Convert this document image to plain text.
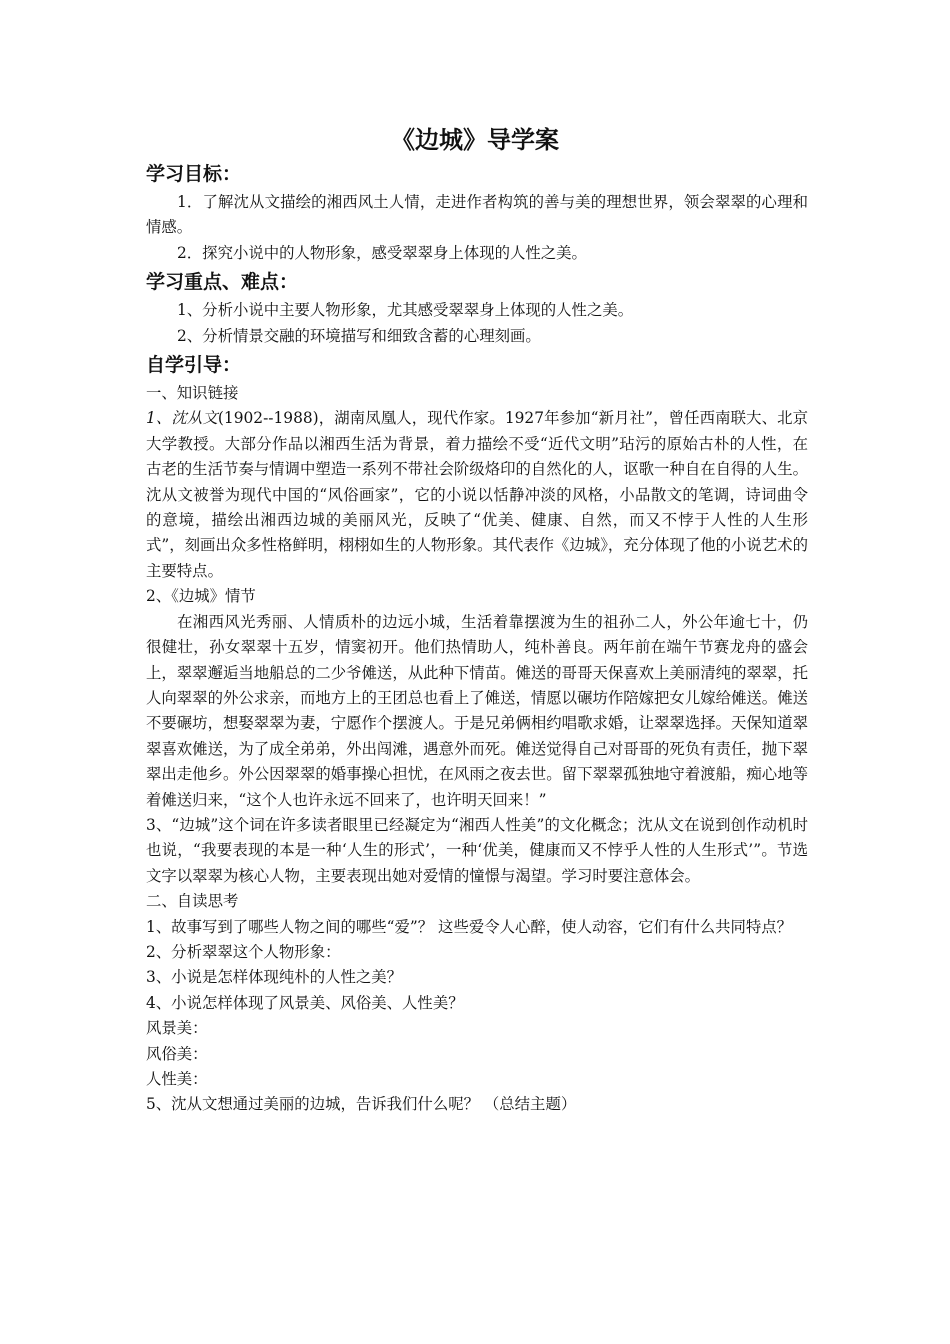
《边城》导学案
学习目标：

1．了解沈从文描绘的湘西风土人情，走进作者构筑的善与美的理想世界，领会翠翠的心理和情感。

2．探究小说中的人物形象，感受翠翠身上体现的人性之美。

学习重点、难点：

1、分析小说中主要人物形象，尤其感受翠翠身上体现的人性之美。

2、分析情景交融的环境描写和细致含蓄的心理刻画。

自学引导：

一、知识链接

1、沈从文(1902--1988)，湖南凤凰人，现代作家。1927年参加“新月社”，曾任西南联大、北京大学教授。大部分作品以湘西生活为背景，着力描绘不受“近代文明”玷污的原始古朴的人性，在古老的生活节奏与情调中塑造一系列不带社会阶级烙印的自然化的人，讴歌一种自在自得的人生。沈从文被誉为现代中国的“风俗画家”，它的小说以恬静冲淡的风格，小品散文的笔调，诗词曲令的意境，描绘出湘西边城的美丽风光，反映了“优美、健康、自然，而又不悖于人性的人生形式”，刻画出众多性格鲜明，栩栩如生的人物形象。其代表作《边城》，充分体现了他的小说艺术的主要特点。

2、《边城》情节

在湘西风光秀丽、人情质朴的边远小城，生活着靠摆渡为生的祖孙二人，外公年逾七十，仍很健壮，孙女翠翠十五岁，情窦初开。他们热情助人，纯朴善良。两年前在端午节赛龙舟的盛会上，翠翠邂逅当地船总的二少爷傩送，从此种下情苗。傩送的哥哥天保喜欢上美丽清纯的翠翠，托人向翠翠的外公求亲，而地方上的王团总也看上了傩送，情愿以碾坊作陪嫁把女儿嫁给傩送。傩送不要碾坊，想娶翠翠为妻，宁愿作个摆渡人。于是兄弟俩相约唱歌求婚，让翠翠选择。天保知道翠翠喜欢傩送，为了成全弟弟，外出闯滩，遇意外而死。傩送觉得自己对哥哥的死负有责任，抛下翠翠出走他乡。外公因翠翠的婚事操心担忧，在风雨之夜去世。留下翠翠孤独地守着渡船，痴心地等着傩送归来，“这个人也许永远不回来了，也许明天回来！”

3、“边城”这个词在许多读者眼里已经凝定为“湘西人性美”的文化概念；沈从文在说到创作动机时也说，“我要表现的本是一种‘人生的形式’，一种‘优美，健康而又不悖乎人性的人生形式’”。节选文字以翠翠为核心人物，主要表现出她对爱情的憧憬与渴望。学习时要注意体会。

二、自读思考

1、故事写到了哪些人物之间的哪些“爱”？ 这些爱令人心醉，使人动容，它们有什么共同特点？

2、分析翠翠这个人物形象：

3、小说是怎样体现纯朴的人性之美？

4、小说怎样体现了风景美、风俗美、人性美？

风景美：

风俗美：

人性美：

5、沈从文想通过美丽的边城，告诉我们什么呢？ （总结主题）
